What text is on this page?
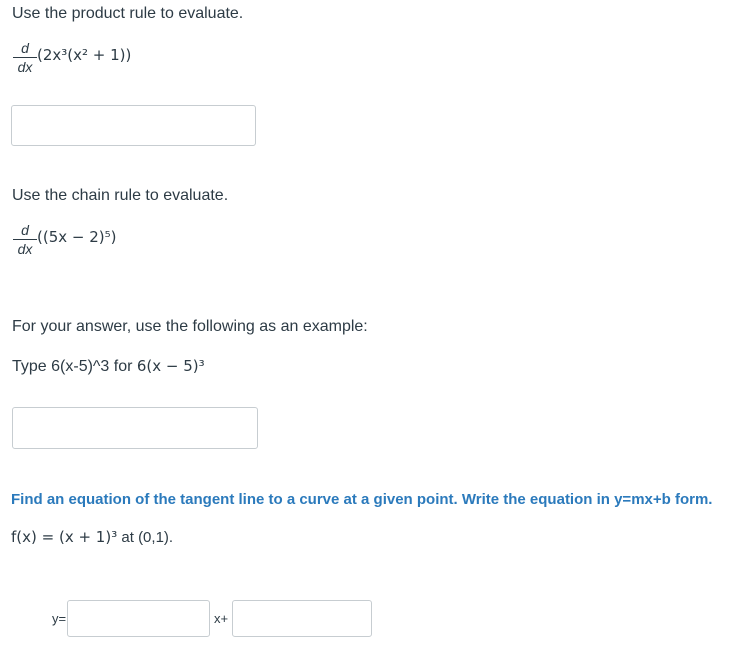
Use the product rule to evaluate.
d
dx
(2x³(x² + 1))
Use the chain rule to evaluate.
d
dx
((5x − 2)⁵)
For your answer, use the following as an example:
Type 6(x-5)^3 for 6(x − 5)³
Find an equation of the tangent line to a curve at a given point. Write the equation in y=mx+b form.
f(x) = (x + 1)³ at (0,1).
y=	x+
